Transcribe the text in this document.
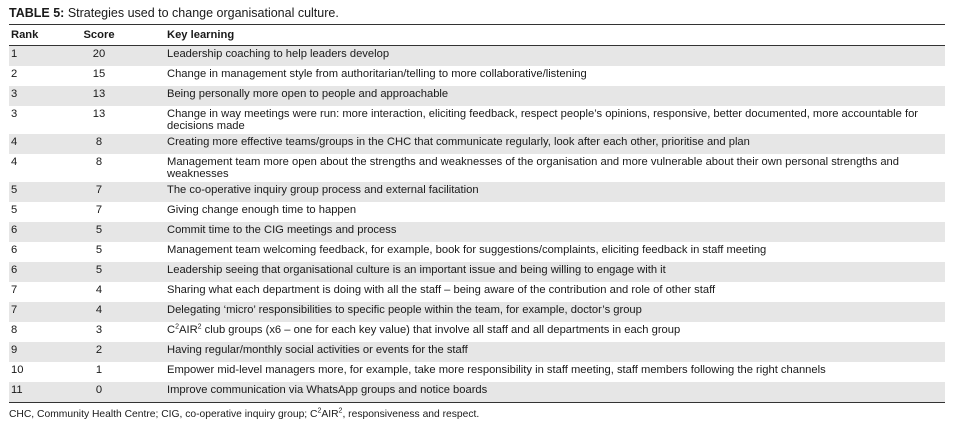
TABLE 5: Strategies used to change organisational culture.
Rank	Score	Key learning
1	20	Leadership coaching to help leaders develop
2	15	Change in management style from authoritarian/telling to more collaborative/listening
3	13	Being personally more open to people and approachable
3	13	Change in way meetings were run: more interaction, eliciting feedback, respect people’s opinions, responsive, better documented, more accountable for decisions made
4	8	Creating more effective teams/groups in the CHC that communicate regularly, look after each other, prioritise and plan
4	8	Management team more open about the strengths and weaknesses of the organisation and more vulnerable about their own personal strengths and weaknesses
5	7	The co-operative inquiry group process and external facilitation
5	7	Giving change enough time to happen
6	5	Commit time to the CIG meetings and process
6	5	Management team welcoming feedback, for example, book for suggestions/complaints, eliciting feedback in staff meeting
6	5	Leadership seeing that organisational culture is an important issue and being willing to engage with it
7	4	Sharing what each department is doing with all the staff – being aware of the contribution and role of other staff
7	4	Delegating ‘micro’ responsibilities to specific people within the team, for example, doctor’s group
8	3	$C^2AIR^2$ club groups (x6 – one for each key value) that involve all staff and all departments in each group
9	2	Having regular/monthly social activities or events for the staff
10	1	Empower mid-level managers more, for example, take more responsibility in staff meeting, staff members following the right channels
11	0	Improve communication via WhatsApp groups and notice boards
CHC, Community Health Centre; CIG, co-operative inquiry group; $C^2AIR^2$, responsiveness and respect.
